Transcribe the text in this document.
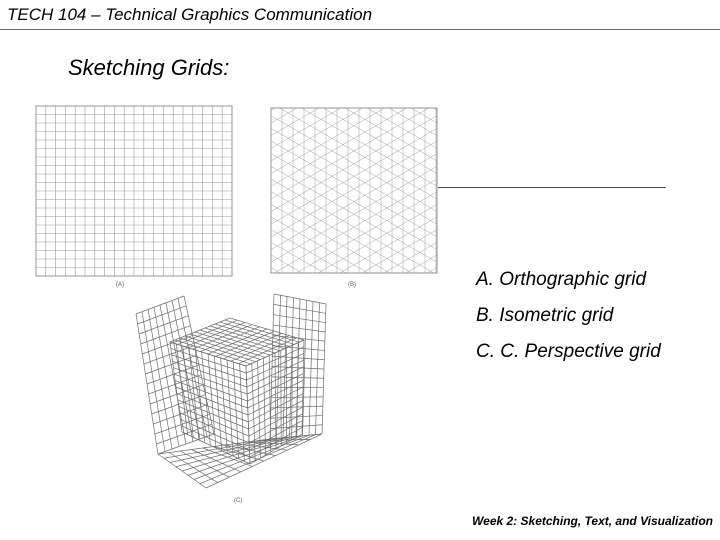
TECH 104 – Technical Graphics Communication
Sketching Grids:
(A)	(B)
(C)
A. Orthographic grid
B. Isometric grid
C. C. Perspective grid
Week 2: Sketching, Text, and Visualization
